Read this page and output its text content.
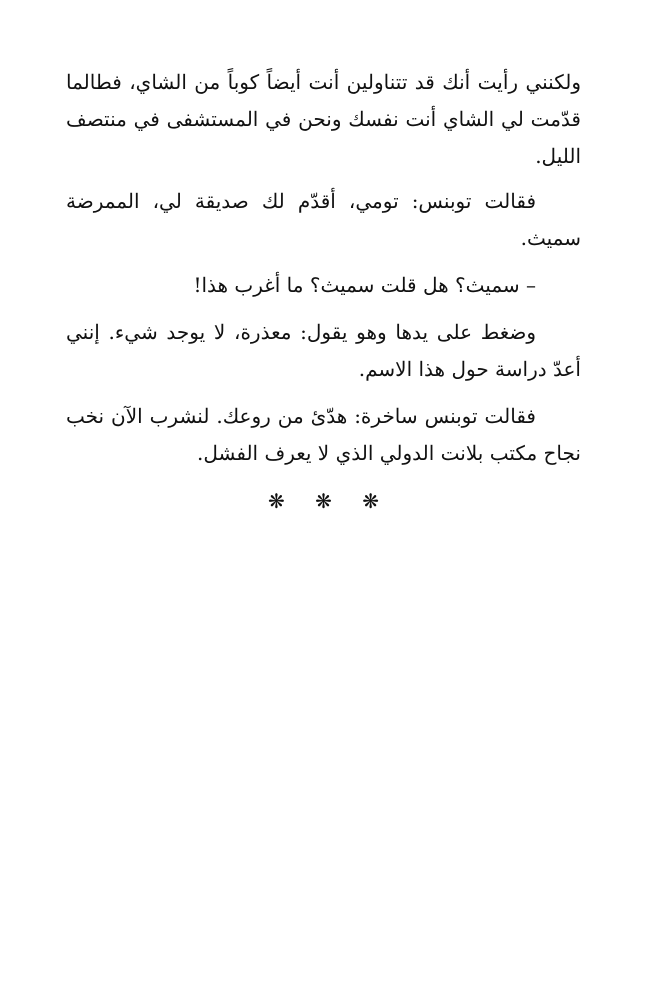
ولكنني رأيت أنك قد تتناولين أنت أيضاً كوباً من الشاي، فطالما قدّمت لي الشاي أنت نفسك ونحن في المستشفى في منتصف الليل.

فقالت توبنس: تومي، أقدّم لك صديقة لي، الممرضة سميث.

– سميث؟ هل قلت سميث؟ ما أغرب هذا!

وضغط على يدها وهو يقول: معذرة، لا يوجد شيء. إنني أعدّ دراسة حول هذا الاسم.

فقالت توبنس ساخرة: هدّئ من روعك. لنشرب الآن نخب نجاح مكتب بلانت الدولي الذي لا يعرف الفشل.

❋ ❋ ❋
